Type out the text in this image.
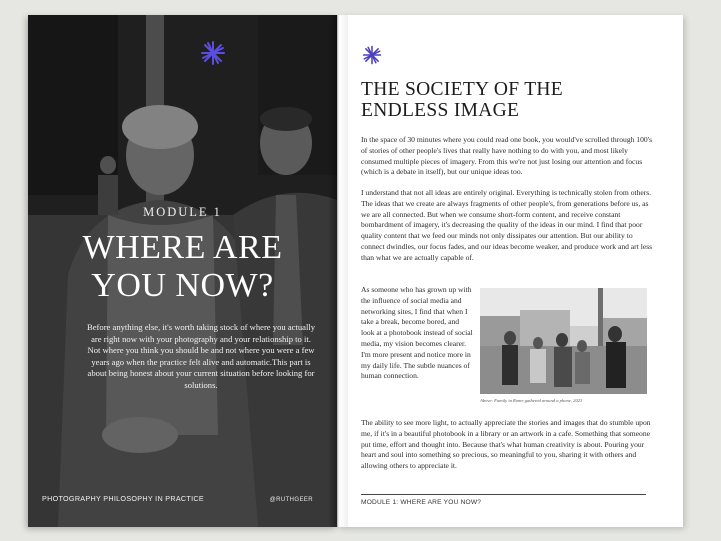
MODULE 1
WHERE ARE
YOU NOW?
Before anything else, it's worth taking stock of where you actually are right now with your photography and your relationship to it. Not where you think you should be and not where you were a few years ago when the practice felt alive and automatic.This part is about being honest about your current situation before looking for solutions.
PHOTOGRAPHY PHILOSOPHY IN PRACTICE	@RUTHGEER
THE SOCIETY OF THE
ENDLESS IMAGE

In the space of 30 minutes where you could read one book, you would've scrolled through 100's of stories of other people's lives that really have nothing to do with you, and most likely consumed multiple pieces of imagery. From this we're not just losing our attention and focus (which is a debate in itself), but our unique ideas too.

I understand that not all ideas are entirely original. Everything is technically stolen from others. The ideas that we create are always fragments of other people's, from generations before us, as we are all connected. But when we consume short-form content, and receive constant bombardment of imagery, it's decreasing the quality of the ideas in our mind. I find that poor quality content that we feed our minds not only dissipates our attention. But our ability to connect dwindles, our focus fades, and our ideas become weaker, and produce work and art less than what we are actually capable of.

As someone who has grown up with the influence of social media and networking sites, I find that when I take a break, become bored, and look at a photobook instead of social media, my vision becomes clearer. I'm more present and notice more in my daily life. The subtle nuances of human connection.

Above: Family in Rome gathered around a phone, 2023

The ability to see more light, to actually appreciate the stories and images that do stumble upon me, if it's in a beautiful photobook in a library or an artwork in a cafe. Something that someone put time, effort and thought into. Because that's what human creativity is about. Pouring your heart and soul into something so precious, so meaningful to you, sharing it with others and allowing others to appreciate it.

MODULE 1: WHERE ARE YOU NOW?
